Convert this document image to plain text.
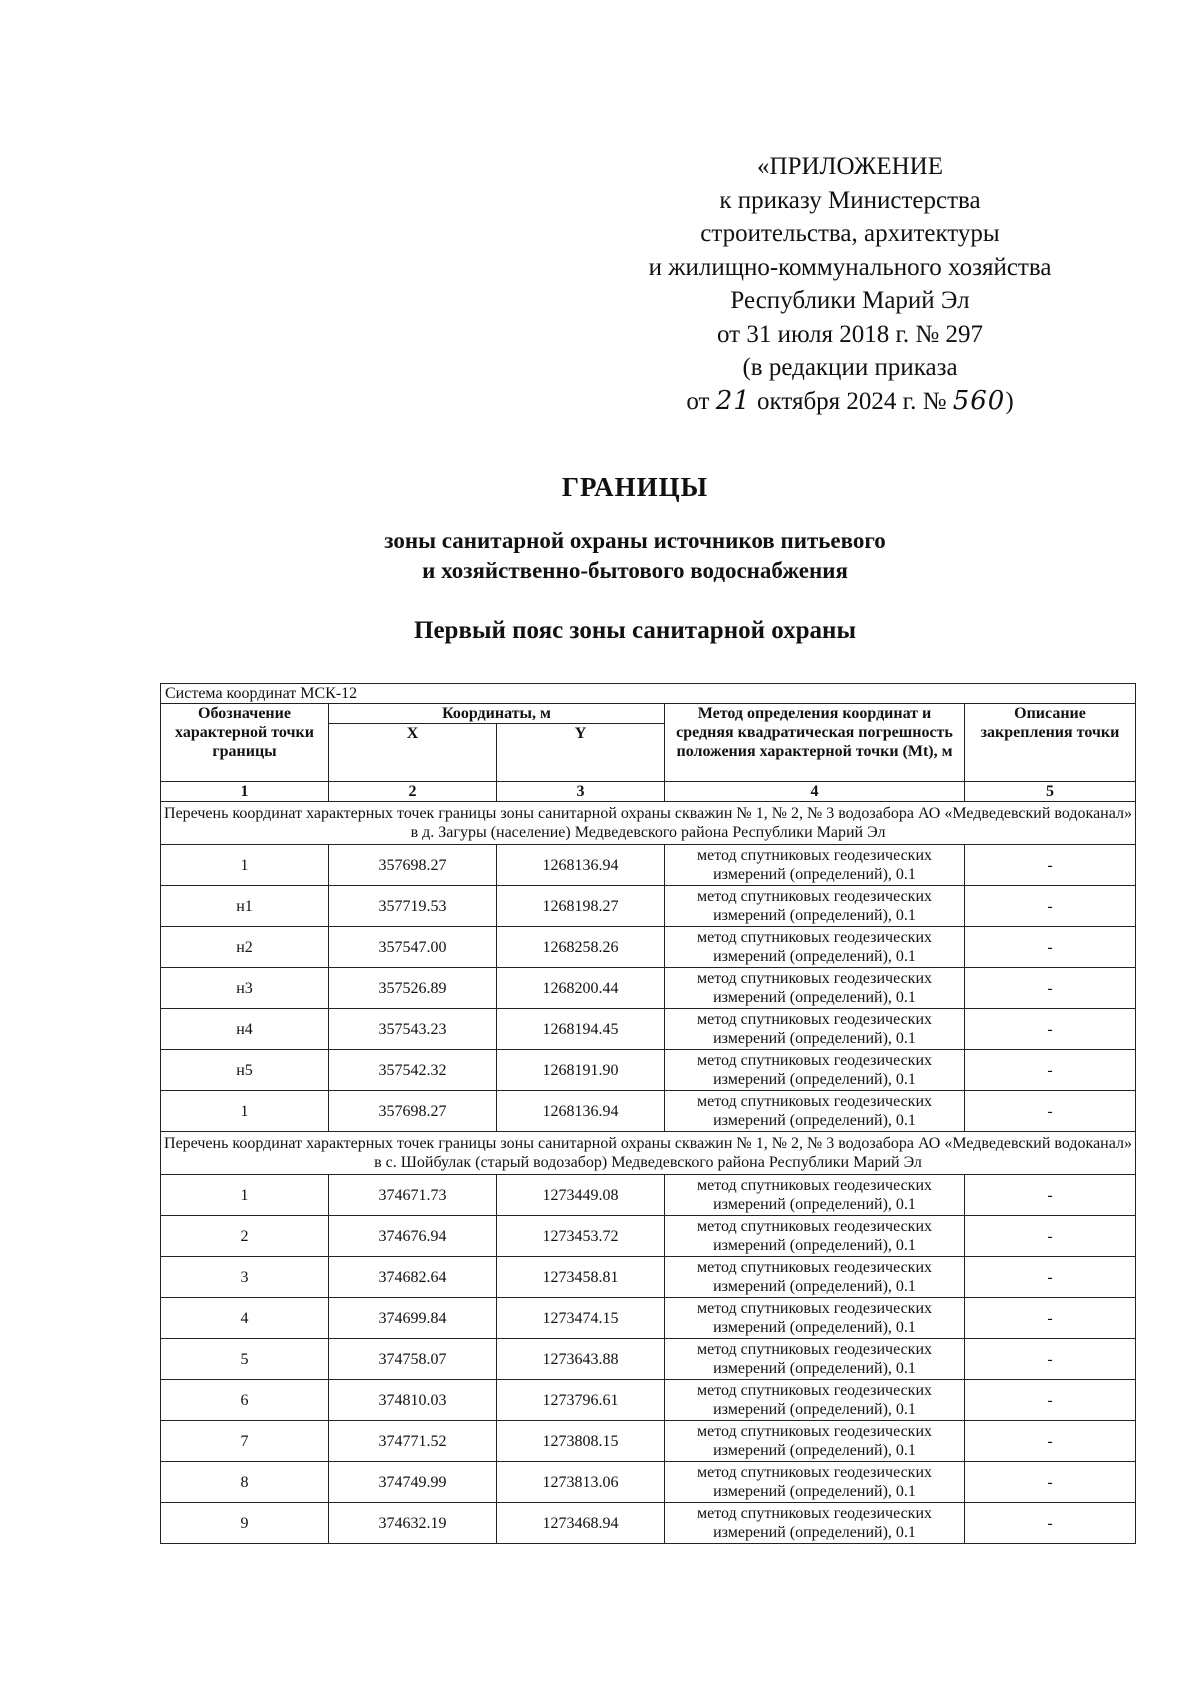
«ПРИЛОЖЕНИЕ
к приказу Министерства
строительства, архитектуры
и жилищно-коммунального хозяйства
Республики Марий Эл
от 31 июля 2018 г. № 297
(в редакции приказа
от 21 октября 2024 г. № 560)
ГРАНИЦЫ
зоны санитарной охраны источников питьевого
и хозяйственно-бытового водоснабжения
Первый пояс зоны санитарной охраны
Система координат МСК-12				
Обозначение характерной точки границы	Координаты, м		Метод определения координат и средняя квадратическая погрешность положения характерной точки (Mt), м	Описание закрепления точки
	X	Y		
1	2	3	4	5
Перечень координат характерных точек границы зоны санитарной охраны скважин № 1, № 2, № 3 водозабора АО «Медведевский водоканал» в д. Загуры (население) Медведевского района Республики Марий Эл				
1	357698.27	1268136.94	метод спутниковых геодезических измерений (определений), 0.1	-
н1	357719.53	1268198.27	метод спутниковых геодезических измерений (определений), 0.1	-
н2	357547.00	1268258.26	метод спутниковых геодезических измерений (определений), 0.1	-
н3	357526.89	1268200.44	метод спутниковых геодезических измерений (определений), 0.1	-
н4	357543.23	1268194.45	метод спутниковых геодезических измерений (определений), 0.1	-
н5	357542.32	1268191.90	метод спутниковых геодезических измерений (определений), 0.1	-
1	357698.27	1268136.94	метод спутниковых геодезических измерений (определений), 0.1	-
Перечень координат характерных точек границы зоны санитарной охраны скважин № 1, № 2, № 3 водозабора АО «Медведевский водоканал» в с. Шойбулак (старый водозабор) Медведевского района Республики Марий Эл				
1	374671.73	1273449.08	метод спутниковых геодезических измерений (определений), 0.1	-
2	374676.94	1273453.72	метод спутниковых геодезических измерений (определений), 0.1	-
3	374682.64	1273458.81	метод спутниковых геодезических измерений (определений), 0.1	-
4	374699.84	1273474.15	метод спутниковых геодезических измерений (определений), 0.1	-
5	374758.07	1273643.88	метод спутниковых геодезических измерений (определений), 0.1	-
6	374810.03	1273796.61	метод спутниковых геодезических измерений (определений), 0.1	-
7	374771.52	1273808.15	метод спутниковых геодезических измерений (определений), 0.1	-
8	374749.99	1273813.06	метод спутниковых геодезических измерений (определений), 0.1	-
9	374632.19	1273468.94	метод спутниковых геодезических измерений (определений), 0.1	-
